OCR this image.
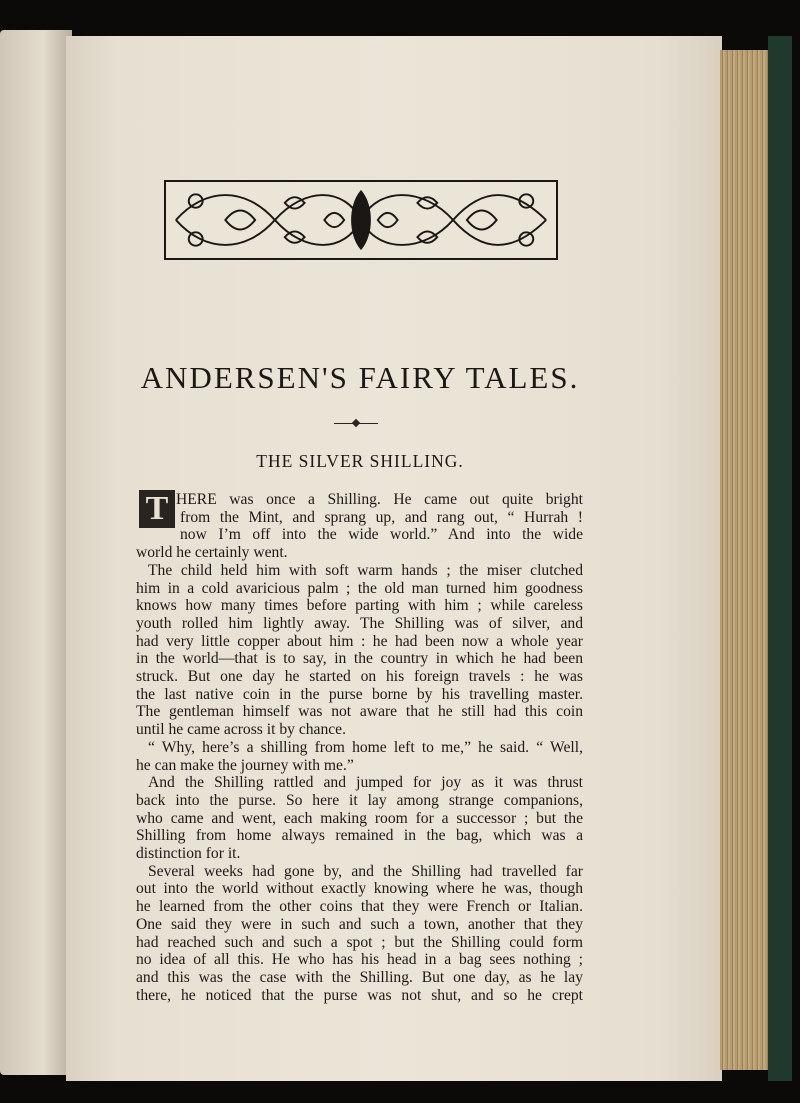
ANDERSEN'S FAIRY TALES.
THE SILVER SHILLING.
T HERE was once a Shilling. He came out quite bright
from the Mint, and sprang up, and rang out, “ Hurrah !
now I’m off into the wide world.” And into the wide
world he certainly went.
The child held him with soft warm hands ; the miser clutched
him in a cold avaricious palm ; the old man turned him goodness
knows how many times before parting with him ; while careless
youth rolled him lightly away. The Shilling was of silver, and
had very little copper about him : he had been now a whole year
in the world—that is to say, in the country in which he had been
struck. But one day he started on his foreign travels : he was
the last native coin in the purse borne by his travelling master.
The gentleman himself was not aware that he still had this coin
until he came across it by chance.
“ Why, here’s a shilling from home left to me,” he said. “ Well,
he can make the journey with me.”
And the Shilling rattled and jumped for joy as it was thrust
back into the purse. So here it lay among strange companions,
who came and went, each making room for a successor ; but the
Shilling from home always remained in the bag, which was a
distinction for it.
Several weeks had gone by, and the Shilling had travelled far
out into the world without exactly knowing where he was, though
he learned from the other coins that they were French or Italian.
One said they were in such and such a town, another that they
had reached such and such a spot ; but the Shilling could form
no idea of all this. He who has his head in a bag sees nothing ;
and this was the case with the Shilling. But one day, as he lay
there, he noticed that the purse was not shut, and so he crept
